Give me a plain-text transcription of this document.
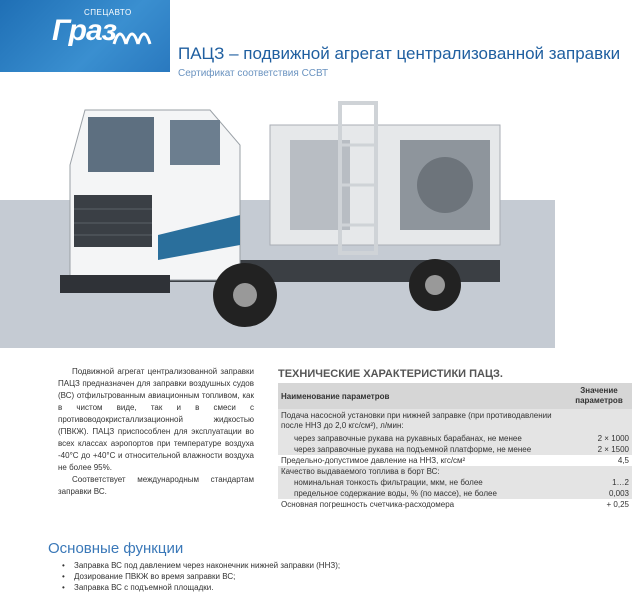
СПЕЦАВТО
Граз
ПАЦЗ – подвижной агрегат централизованной заправки
Сертификат соответствия ССВТ

Подвижной агрегат централизованной заправки ПАЦЗ предназначен для заправки воздушных судов (ВС) отфильтрованным авиационным топливом, как в чистом виде, так и в смеси с противоводокристаллизационной жидкостью (ПВКЖ). ПАЦЗ приспособлен для эксплуатации во всех классах аэропортов при температуре воздуха -40°С до +40°С и относительной влажности воздуха не более 95%.

Соответствует международным стандартам заправки ВС.

ТЕХНИЧЕСКИЕ ХАРАКТЕРИСТИКИ ПАЦЗ.
Наименование параметров	Значение параметров
Подача насосной установки при нижней заправке (при противодавлении после ННЗ до 2,0 кгс/см²), л/мин:	
через заправочные рукава на рукавных барабанах, не менее	2 × 1000
через заправочные рукава на подъемной платформе, не менее	2 × 1500
Предельно-допустимое давление на ННЗ, кгс/см²	4,5
Качество выдаваемого топлива в борт ВС:	
номинальная тонкость фильтрации, мкм, не более	1…2
предельное содержание воды, % (по массе), не более	0,003
Основная погрешность счетчика-расходомера	+ 0,25
Основные функции
• Заправка ВС под давлением через наконечник нижней заправки (ННЗ);
• Дозирование ПВКЖ во время заправки ВС;
• Заправка ВС с подъемной площадки.
